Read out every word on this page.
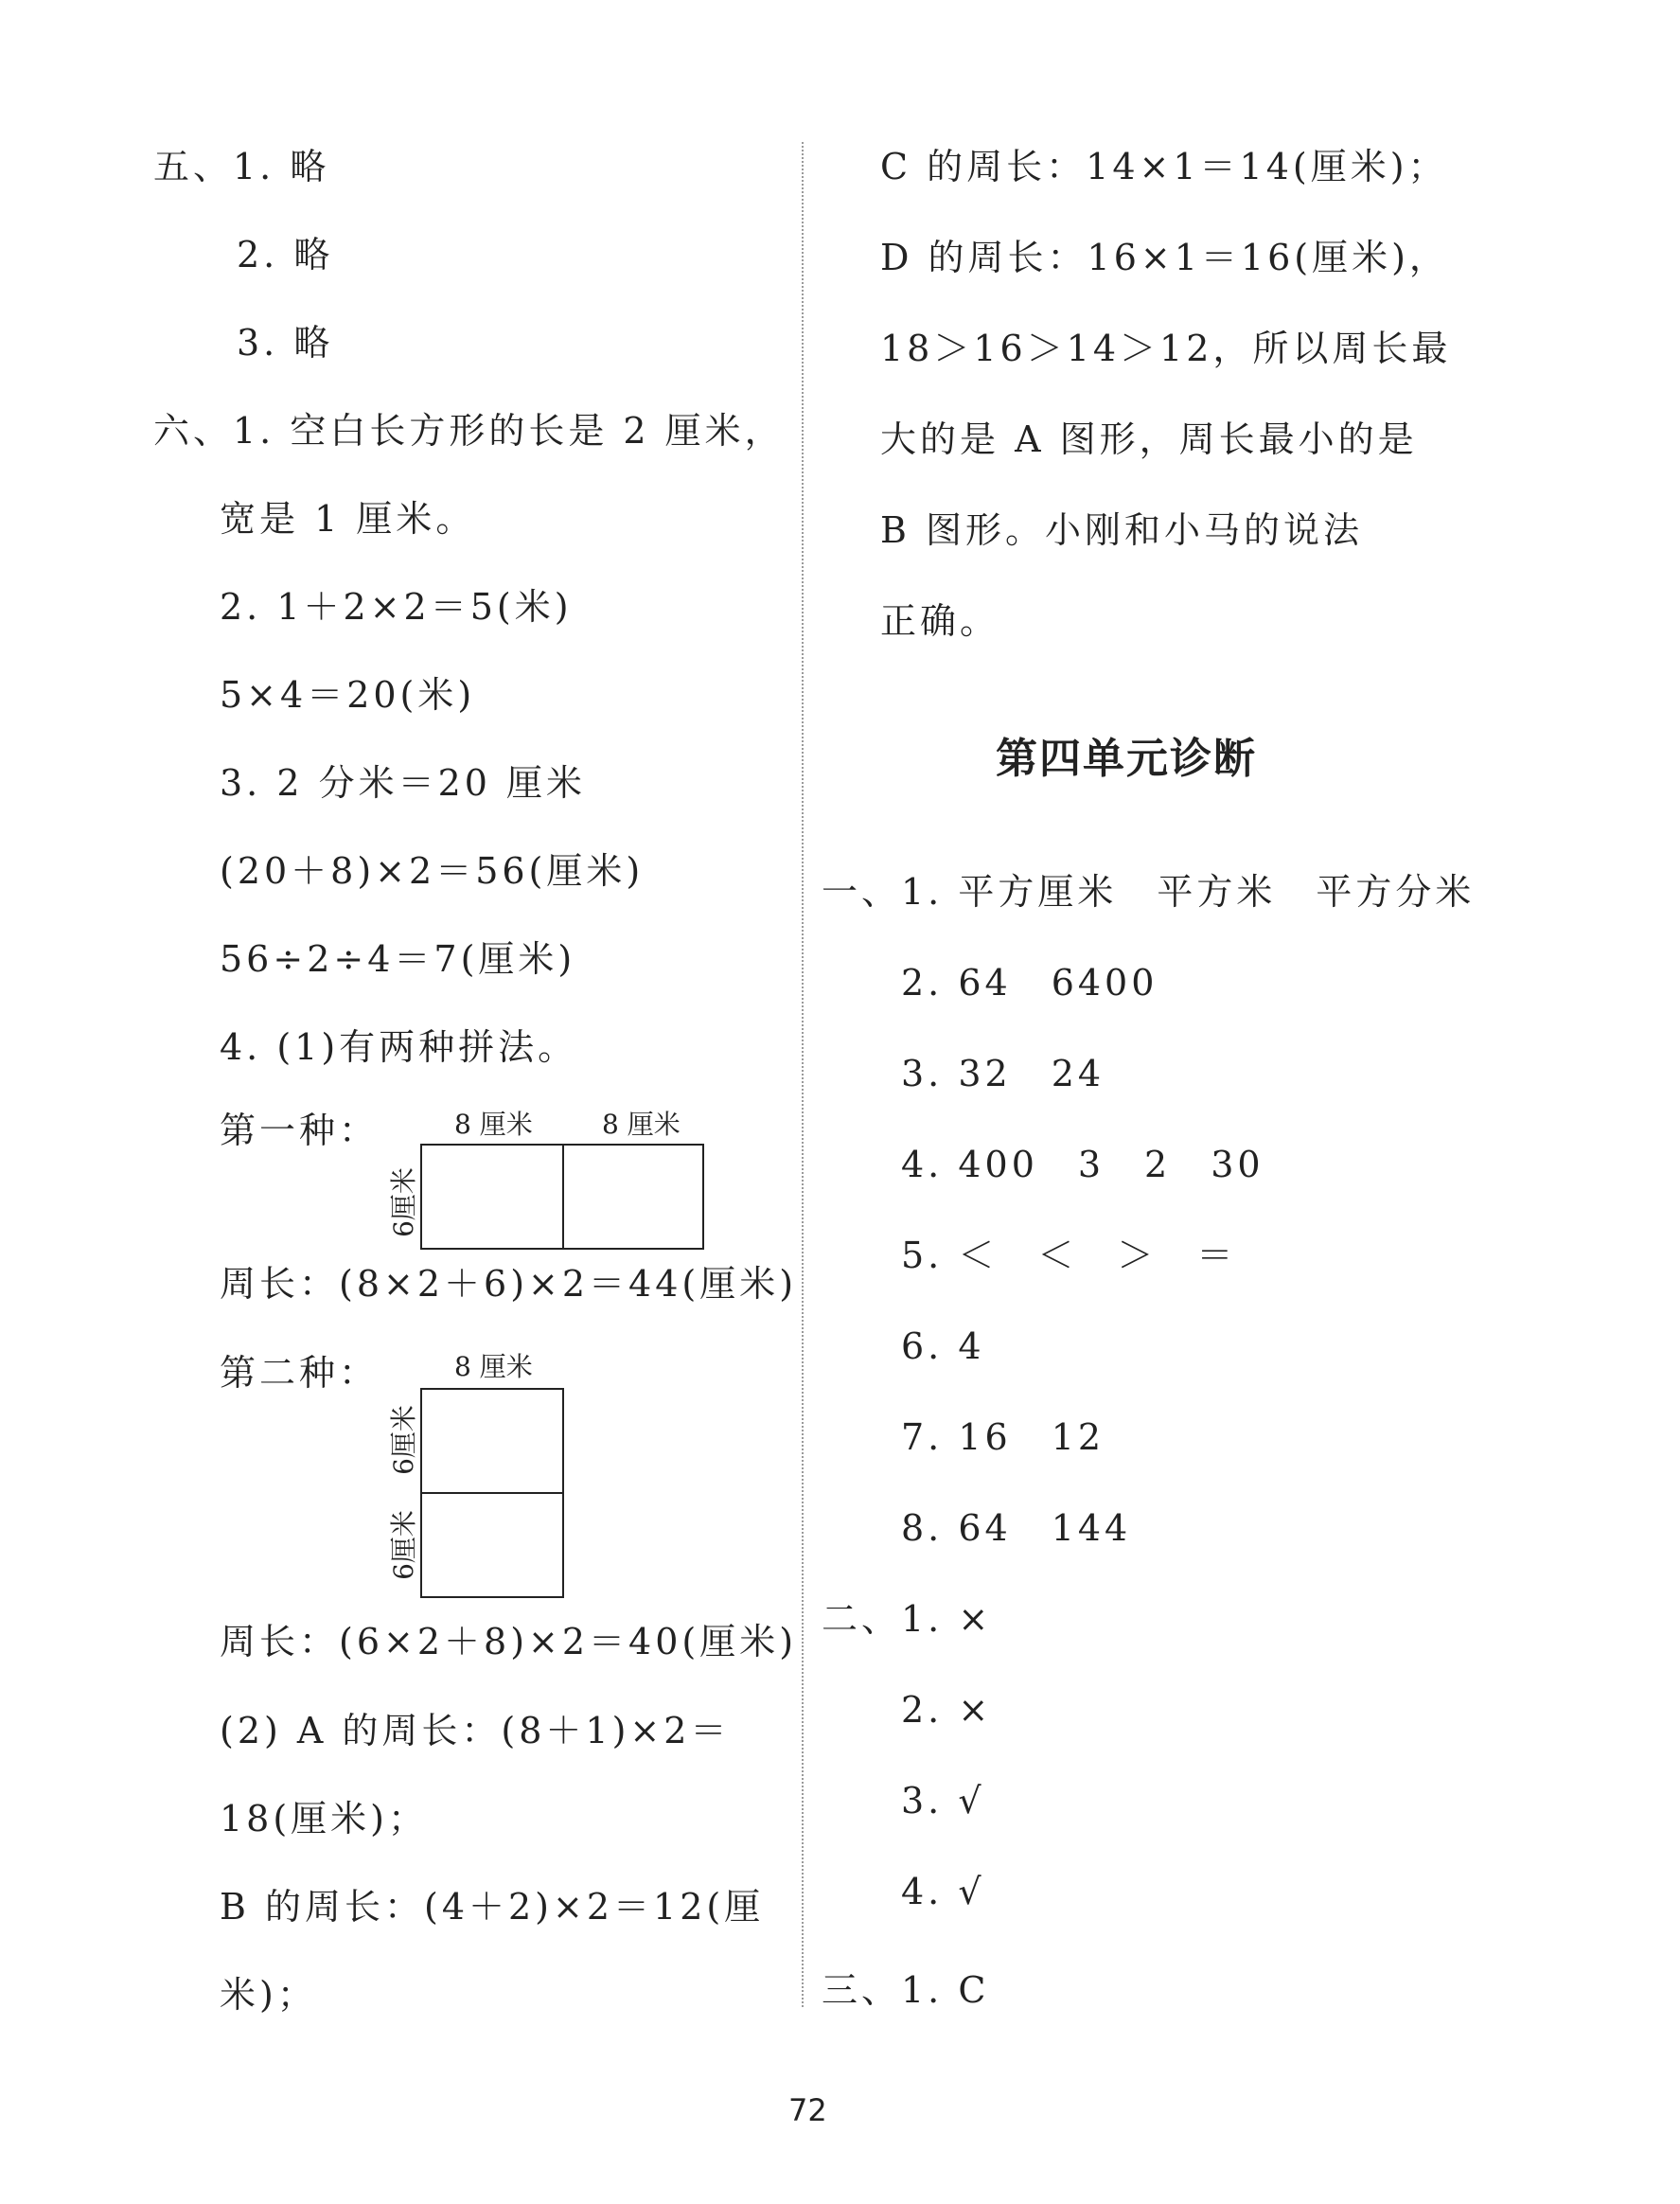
五、1. 略
2. 略
3. 略
六、1. 空白长方形的长是 2 厘米，
宽是 1 厘米。
2. 1＋2×2＝5(米)
5×4＝20(米)
3. 2 分米＝20 厘米
(20＋8)×2＝56(厘米)
56÷2÷4＝7(厘米)
4. (1)有两种拼法。
第一种：	8 厘米	8 厘米
6厘米
周长：(8×2＋6)×2＝44(厘米)
第二种：	8 厘米
6厘米
6厘米
周长：(6×2＋8)×2＝40(厘米)
(2) A 的周长：(8＋1)×2＝
18(厘米)；
B 的周长：(4＋2)×2＝12(厘
米)；
C 的周长：14×1＝14(厘米)；
D 的周长：16×1＝16(厘米)，
18＞16＞14＞12，所以周长最
大的是 A 图形，周长最小的是
B 图形。小刚和小马的说法
正确。
第四单元诊断
一、1. 平方厘米　平方米　平方分米
2. 64　6400
3. 32　24
4. 400　3　2　30
5. ＜　＜　＞　＝
6. 4
7. 16　12
8. 64　144
二、1. ×
2. ×
3. √
4. √
三、1. C
72
